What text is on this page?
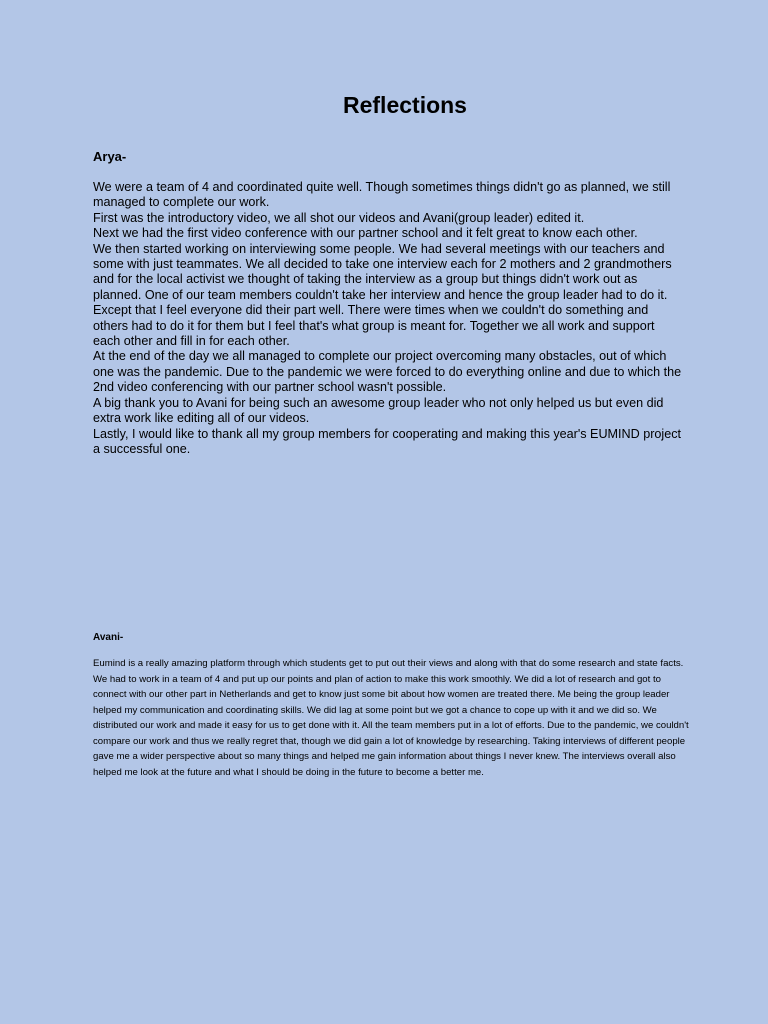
Reflections
Arya-

We were a team of 4 and coordinated quite well. Though sometimes things didn't go as planned, we still managed to complete our work.

First was the introductory video, we all shot our videos and Avani(group leader) edited it.

Next we had the first video conference with our partner school and it felt great to know each other.

We then started working on interviewing some people. We had several meetings with our teachers and some with just teammates. We all decided to take one interview each for 2 mothers and 2 grandmothers and for the local activist we thought of taking the interview as a group but things didn't work out as planned. One of our team members couldn't take her interview and hence the group leader had to do it. Except that I feel everyone did their part well. There were times when we couldn't do something and others had to do it for them but I feel that's what group is meant for. Together we all work and support each other and fill in for each other.

At the end of the day we all managed to complete our project overcoming many obstacles, out of which one was the pandemic. Due to the pandemic we were forced to do everything online and due to which the 2nd video conferencing with our partner school wasn't possible.

A big thank you to Avani for being such an awesome group leader who not only helped us but even did extra work like editing all of our videos.

Lastly, I would like to thank all my group members for cooperating and making this year's EUMIND project a successful one.

Avani-

Eumind is a really amazing platform through which students get to put out their views and along with that do some research and state facts. We had to work in a team of 4 and put up our points and plan of action to make this work smoothly. We did a lot of research and got to connect with our other part in Netherlands and get to know just some bit about how women are treated there. Me being the group leader helped my communication and coordinating skills. We did lag at some point but we got a chance to cope up with it and we did so. We distributed our work and made it easy for us to get done with it. All the team members put in a lot of efforts. Due to the pandemic, we couldn't compare our work and thus we really regret that, though we did gain a lot of knowledge by researching. Taking interviews of different people gave me a wider perspective about so many things and helped me gain information about things I never knew. The interviews overall also helped me look at the future and what I should be doing in the future to become a better me.
